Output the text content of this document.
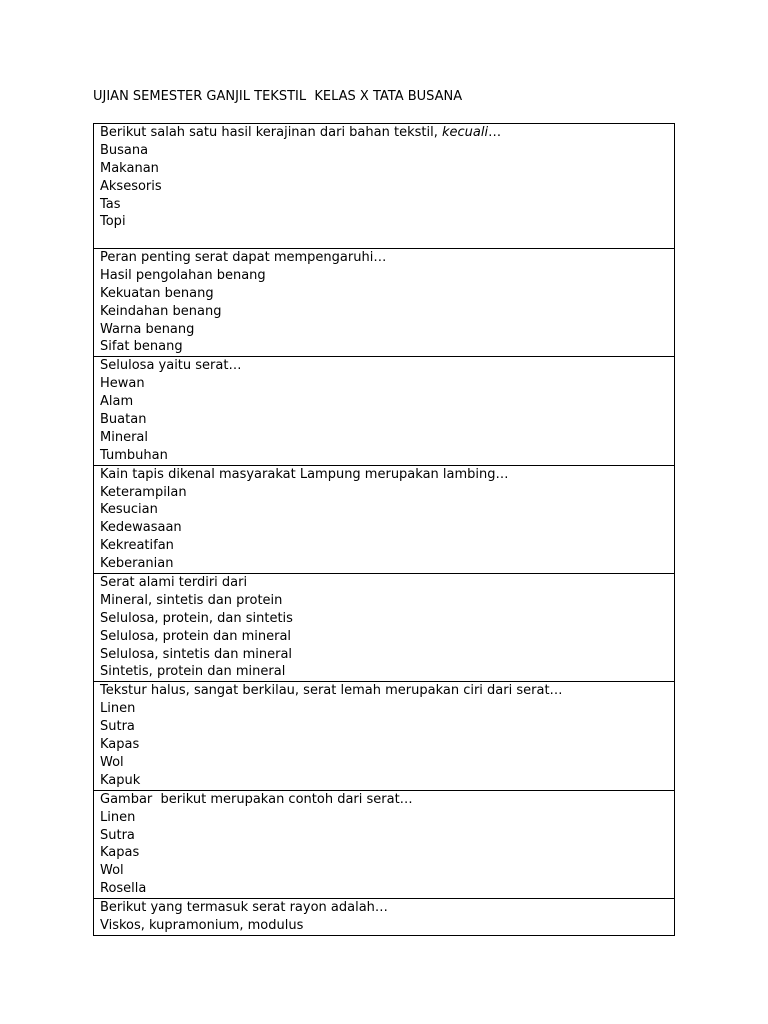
UJIAN SEMESTER GANJIL TEKSTIL  KELAS X TATA BUSANA
Berikut salah satu hasil kerajinan dari bahan tekstil, kecuali…
Busana
Makanan
Aksesoris
Tas
Topi

Peran penting serat dapat mempengaruhi…
Hasil pengolahan benang
Kekuatan benang
Keindahan benang
Warna benang
Sifat benang

Selulosa yaitu serat…
Hewan
Alam
Buatan
Mineral
Tumbuhan

Kain tapis dikenal masyarakat Lampung merupakan lambing…
Keterampilan
Kesucian
Kedewasaan
Kekreatifan
Keberanian

Serat alami terdiri dari
Mineral, sintetis dan protein
Selulosa, protein, dan sintetis
Selulosa, protein dan mineral
Selulosa, sintetis dan mineral
Sintetis, protein dan mineral

Tekstur halus, sangat berkilau, serat lemah merupakan ciri dari serat…
Linen
Sutra
Kapas
Wol
Kapuk

Gambar  berikut merupakan contoh dari serat…
Linen
Sutra
Kapas
Wol
Rosella

Berikut yang termasuk serat rayon adalah…
Viskos, kupramonium, modulus
